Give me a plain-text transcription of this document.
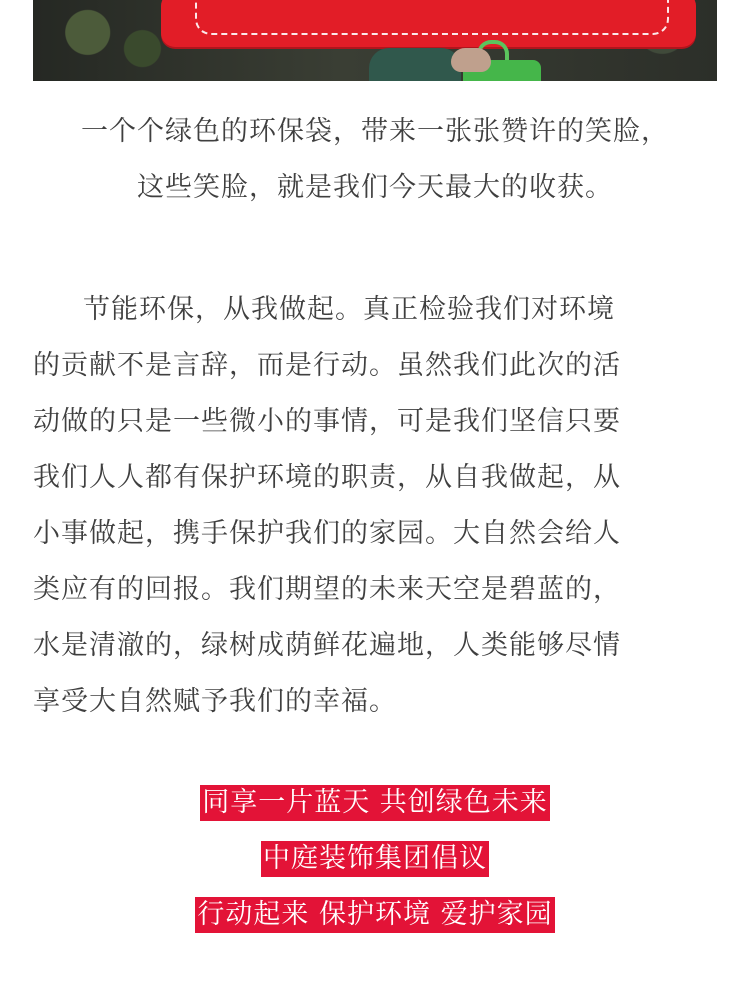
一个个绿色的环保袋，带来一张张赞许的笑脸，
这些笑脸，就是我们今天最大的收获。
节能环保，从我做起。真正检验我们对环境
的贡献不是言辞，而是行动。虽然我们此次的活
动做的只是一些微小的事情，可是我们坚信只要
我们人人都有保护环境的职责，从自我做起，从
小事做起，携手保护我们的家园。大自然会给人
类应有的回报。我们期望的未来天空是碧蓝的，
水是清澈的，绿树成荫鲜花遍地，人类能够尽情
享受大自然赋予我们的幸福。
同享一片蓝天 共创绿色未来
中庭装饰集团倡议
行动起来 保护环境 爱护家园
